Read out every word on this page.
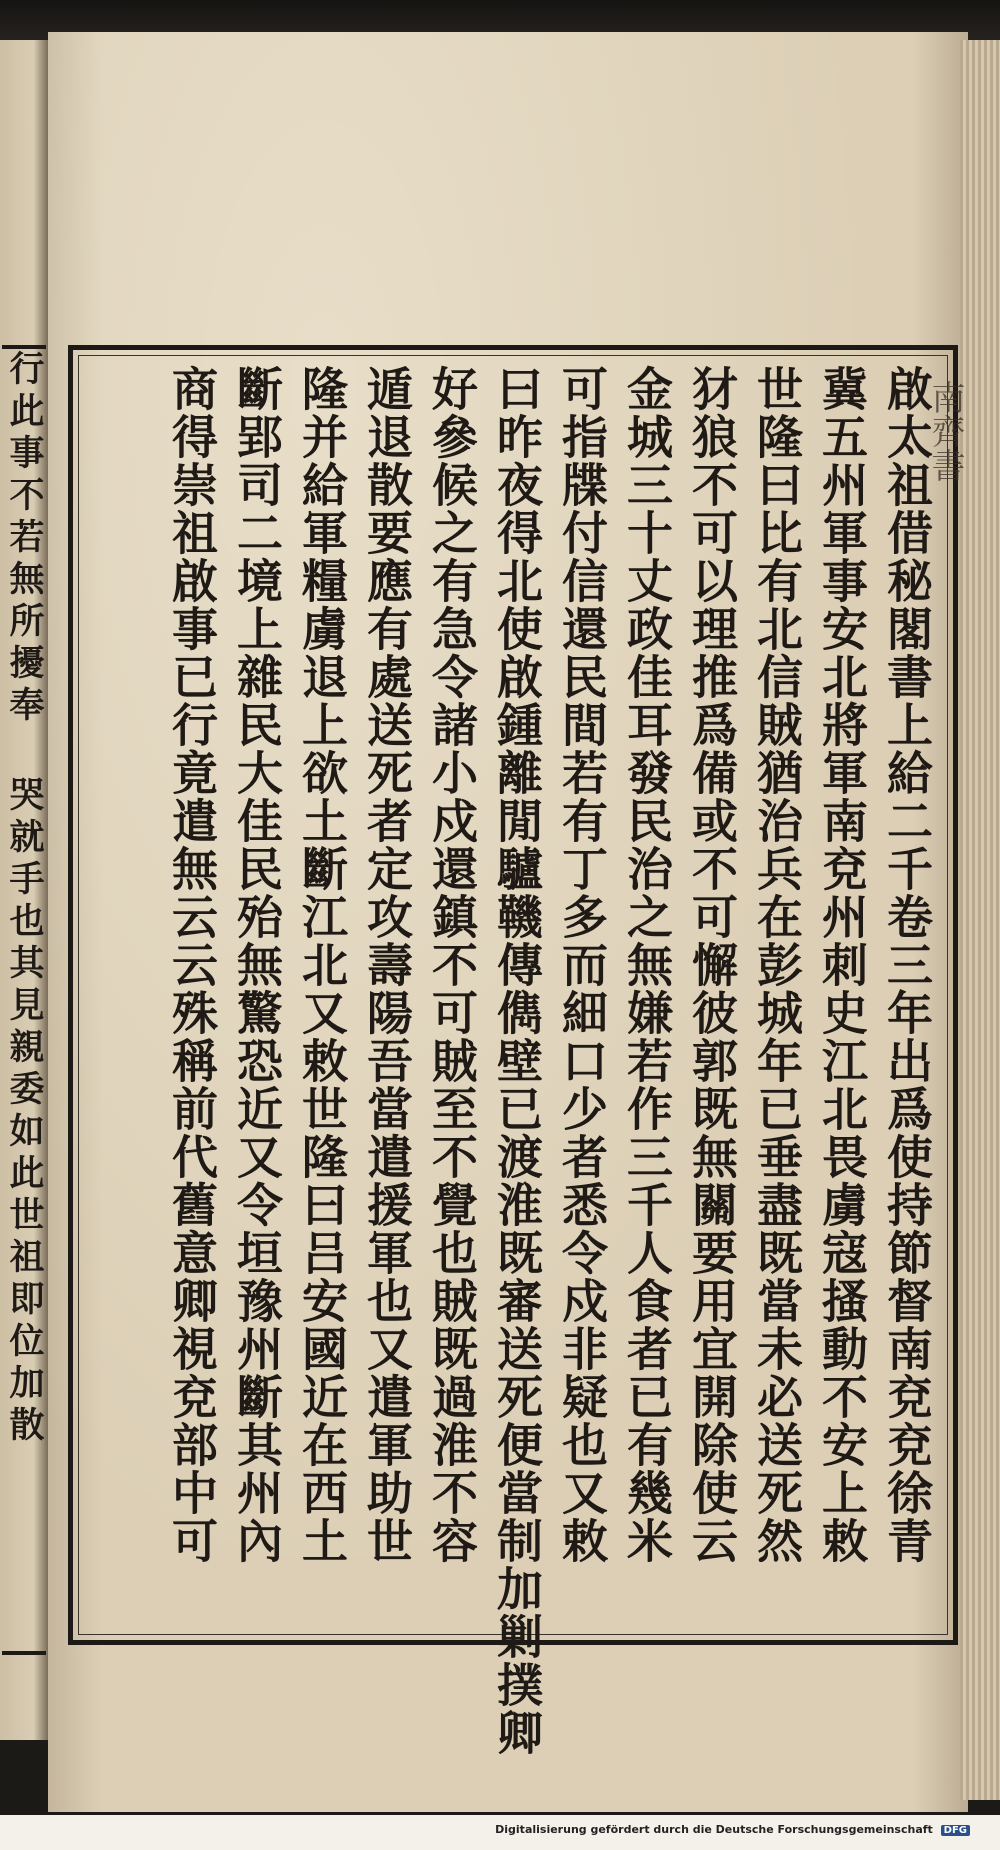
行此事不若無所擾奉 哭就手也其見親委如此世祖即位加散	南齊書
啟太祖借秘閣書上給二千卷三年出爲使持節督南兗兗徐青
冀五州軍事安北將軍南兗州刺史江北畏虜寇搔動不安上敕
世隆曰比有北信賊猶治兵在彭城年已垂盡既當未必送死然
犲狼不可以理推爲備或不可懈彼郭既無關要用宜開除使云
金城三十丈政佳耳發民治之無嫌若作三千人食者已有幾米
可指牒付信還民間若有丁多而細口少者悉令戍非疑也又敕
曰昨夜得北使啟鍾離閒驢鞿傳儁壁已渡淮既審送死便當制加剿撲卿
好參候之有急令諸小戍還鎮不可賊至不覺也賊既過淮不容
遁退散要應有處送死者定攻壽陽吾當遣援軍也又遣軍助世
隆并給軍糧虜退上欲土斷江北又敕世隆曰吕安國近在西土
斷郢司二境上雜民大佳民殆無驚恐近又令垣豫州斷其州內
商得崇祖啟事已行竟遣無云云殊稱前代舊意卿視兗部中可
Digitalisierung gefördert durch die Deutsche Forschungsgemeinschaft DFG
